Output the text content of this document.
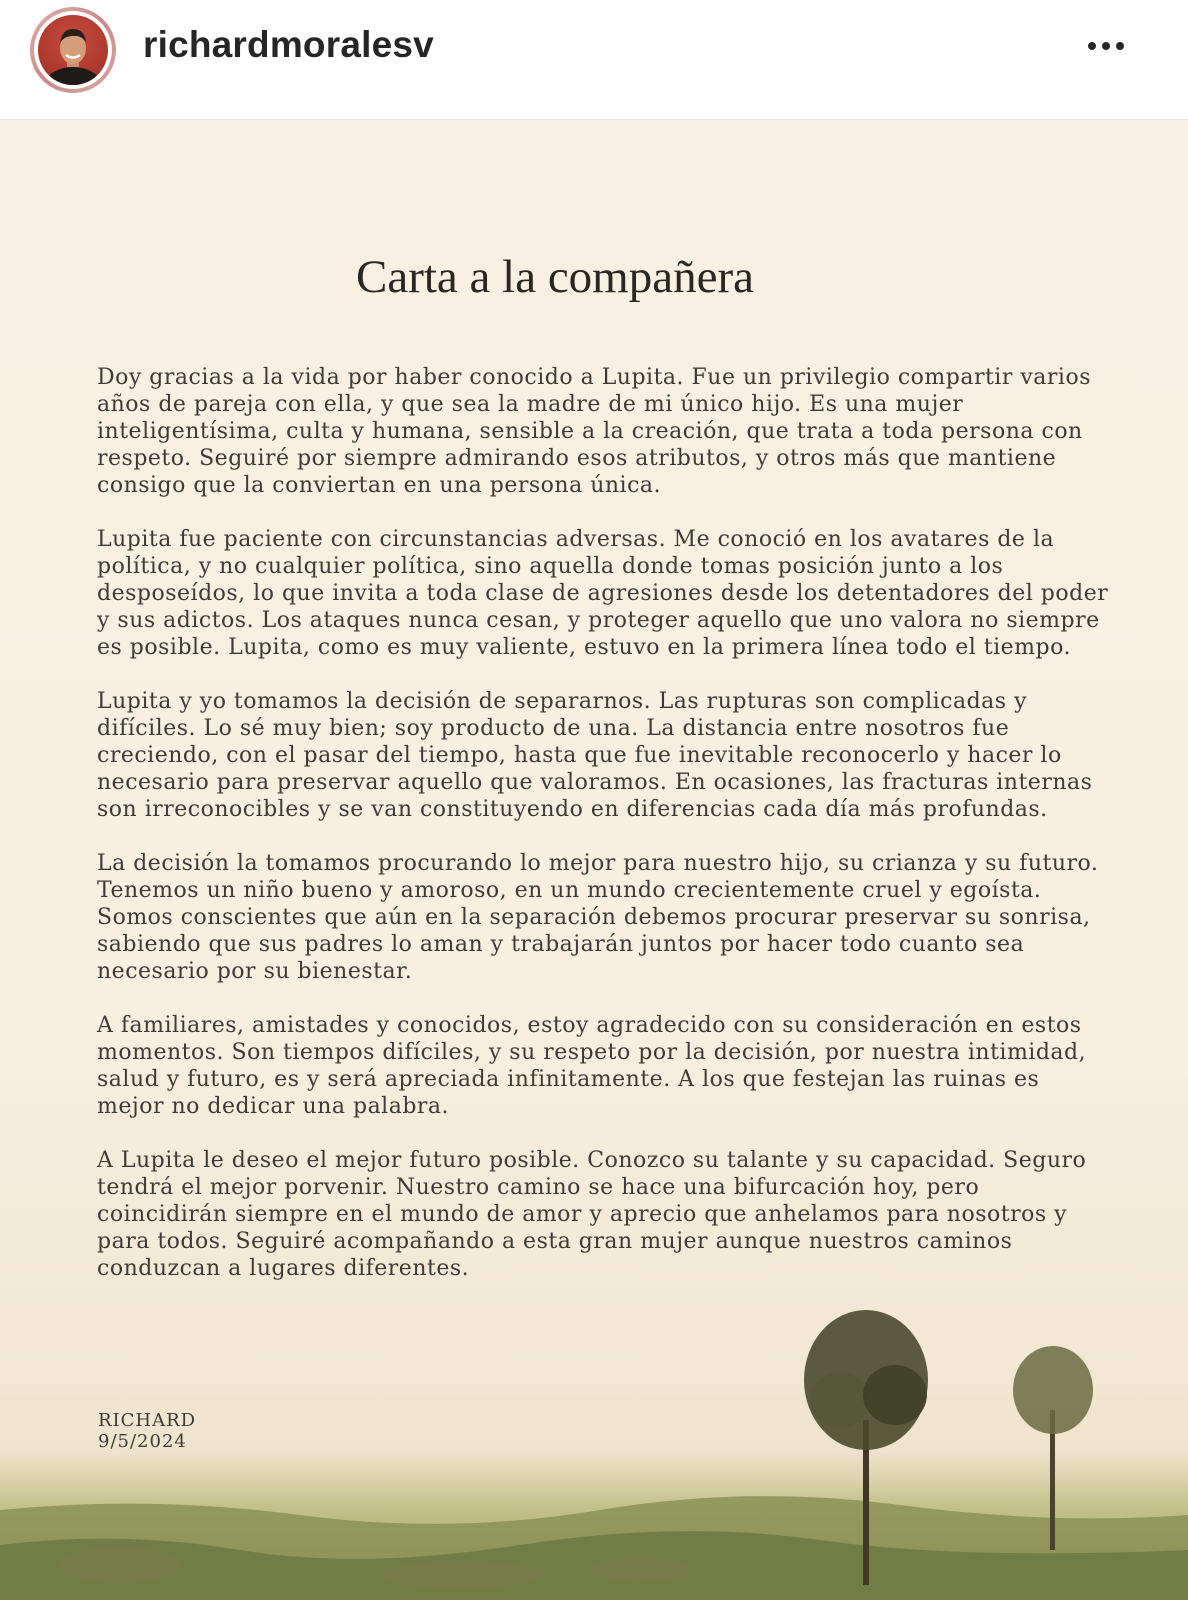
richardmoralesv
Carta a la compañera

Doy gracias a la vida por haber conocido a Lupita. Fue un privilegio compartir varios años de pareja con ella, y que sea la madre de mi único hijo. Es una mujer inteligentísima, culta y humana, sensible a la creación, que trata a toda persona con respeto. Seguiré por siempre admirando esos atributos, y otros más que mantiene consigo que la conviertan en una persona única.

Lupita fue paciente con circunstancias adversas. Me conoció en los avatares de la política, y no cualquier política, sino aquella donde tomas posición junto a los desposeídos, lo que invita a toda clase de agresiones desde los detentadores del poder y sus adictos. Los ataques nunca cesan, y proteger aquello que uno valora no siempre es posible. Lupita, como es muy valiente, estuvo en la primera línea todo el tiempo.

Lupita y yo tomamos la decisión de separarnos. Las rupturas son complicadas y difíciles. Lo sé muy bien; soy producto de una. La distancia entre nosotros fue creciendo, con el pasar del tiempo, hasta que fue inevitable reconocerlo y hacer lo necesario para preservar aquello que valoramos. En ocasiones, las fracturas internas son irreconocibles y se van constituyendo en diferencias cada día más profundas.

La decisión la tomamos procurando lo mejor para nuestro hijo, su crianza y su futuro. Tenemos un niño bueno y amoroso, en un mundo crecientemente cruel y egoísta. Somos conscientes que aún en la separación debemos procurar preservar su sonrisa, sabiendo que sus padres lo aman y trabajarán juntos por hacer todo cuanto sea necesario por su bienestar.

A familiares, amistades y conocidos, estoy agradecido con su consideración en estos momentos. Son tiempos difíciles, y su respeto por la decisión, por nuestra intimidad, salud y futuro, es y será apreciada infinitamente. A los que festejan las ruinas es mejor no dedicar una palabra.

A Lupita le deseo el mejor futuro posible. Conozco su talante y su capacidad. Seguro tendrá el mejor porvenir. Nuestro camino se hace una bifurcación hoy, pero coincidirán siempre en el mundo de amor y aprecio que anhelamos para nosotros y para todos. Seguiré acompañando a esta gran mujer aunque nuestros caminos conduzcan a lugares diferentes.

RICHARD
9/5/2024
